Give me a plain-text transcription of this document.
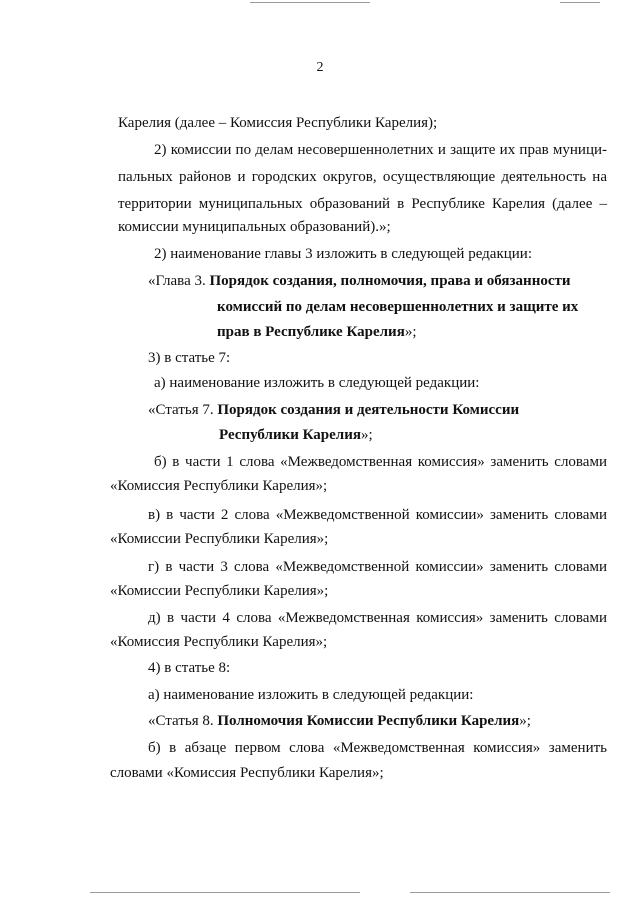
2
Карелия (далее – Комиссия Республики Карелия);
2) комиссии по делам несовершеннолетних и защите их прав муници-
пальных районов и городских округов, осуществляющие деятельность на
территории муниципальных образований в Республике Карелия (далее –
комиссии муниципальных образований).»;
2) наименование главы 3 изложить в следующей редакции:
«Глава 3. Порядок создания, полномочия, права и обязанности
комиссий по делам несовершеннолетних и защите их
прав в Республике Карелия»;
3) в статье 7:
а) наименование изложить в следующей редакции:
«Статья 7. Порядок создания и деятельности Комиссии
Республики Карелия»;
б) в части 1 слова «Межведомственная комиссия» заменить словами
«Комиссия Республики Карелия»;
в) в части 2 слова «Межведомственной комиссии» заменить словами
«Комиссии Республики Карелия»;
г) в части 3 слова «Межведомственной комиссии» заменить словами
«Комиссии Республики Карелия»;
д) в части 4 слова «Межведомственная комиссия» заменить словами
«Комиссия Республики Карелия»;
4) в статье 8:
а) наименование изложить в следующей редакции:
«Статья 8. Полномочия Комиссии Республики Карелия»;
б) в абзаце первом слова «Межведомственная комиссия» заменить
словами «Комиссия Республики Карелия»;
